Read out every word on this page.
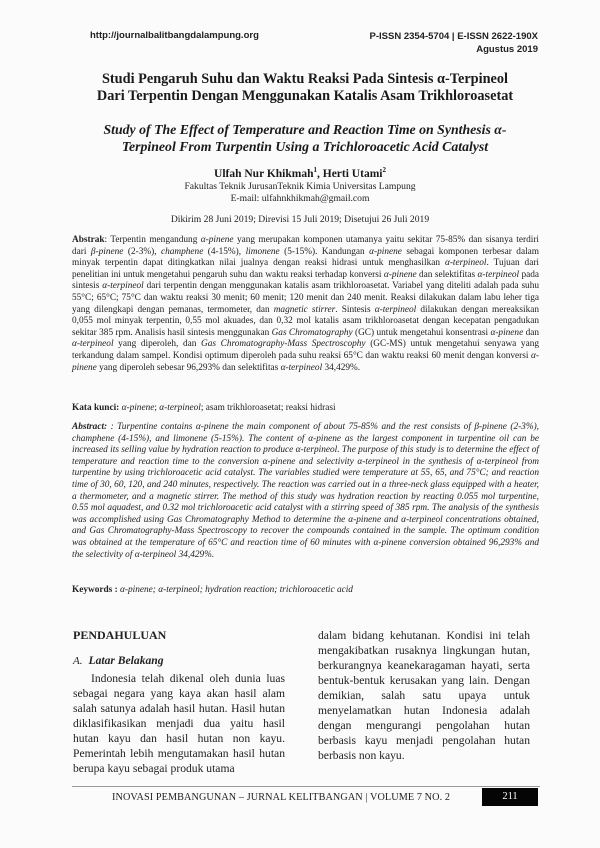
http://journalbalitbangdalampung.org	P-ISSN 2354-5704 | E-ISSN 2622-190X
Agustus 2019
Studi Pengaruh Suhu dan Waktu Reaksi Pada Sintesis α-Terpineol
Dari Terpentin Dengan Menggunakan Katalis Asam Trikhloroasetat
Study of The Effect of Temperature and Reaction Time on Synthesis α-
Terpineol From Turpentin Using a Trichloroacetic Acid Catalyst
Ulfah Nur Khikmah$^1$, Herti Utami$^2$
Fakultas Teknik JurusanTeknik Kimia Universitas Lampung
E-mail: ulfahnkhikmah@gmail.com
Dikirim 28 Juni 2019; Direvisi 15 Juli 2019; Disetujui 26 Juli 2019
Abstrak: Terpentin mengandung α-pinene yang merupakan komponen utamanya yaitu sekitar 75-85% dan sisanya terdiri dari β-pinene (2-3%), champhene (4-15%), limonene (5-15%). Kandungan α-pinene sebagai komponen terbesar dalam minyak terpentin dapat ditingkatkan nilai jualnya dengan reaksi hidrasi untuk menghasilkan α-terpineol. Tujuan dari penelitian ini untuk mengetahui pengaruh suhu dan waktu reaksi terhadap konversi α-pinene dan selektifitas α-terpineol pada sintesis α-terpineol dari terpentin dengan menggunakan katalis asam trikhloroasetat. Variabel yang diteliti adalah pada suhu 55°C; 65°C; 75°C dan waktu reaksi 30 menit; 60 menit; 120 menit dan 240 menit. Reaksi dilakukan dalam labu leher tiga yang dilengkapi dengan pemanas, termometer, dan magnetic stirrer. Sintesis α-terpineol dilakukan dengan mereaksikan 0,055 mol minyak terpentin, 0,55 mol akuades, dan 0,32 mol katalis asam trikhloroasetat dengan kecepatan pengadukan sekitar 385 rpm. Analisis hasil sintesis menggunakan Gas Chromatography (GC) untuk mengetahui konsentrasi α-pinene dan α-terpineol yang diperoleh, dan Gas Chromatography-Mass Spectroscophy (GC-MS) untuk mengetahui senyawa yang terkandung dalam sampel. Kondisi optimum diperoleh pada suhu reaksi 65°C dan waktu reaksi 60 menit dengan konversi α-pinene yang diperoleh sebesar 96,293% dan selektifitas α-terpineol 34,429%.
Kata kunci: α-pinene; α-terpineol; asam trikhloroasetat; reaksi hidrasi
Abstract: : Turpentine contains α-pinene the main component of about 75-85% and the rest consists of β-pinene (2-3%), champhene (4-15%), and limonene (5-15%). The content of α-pinene as the largest component in turpentine oil can be increased its selling value by hydration reaction to produce α-terpineol. The purpose of this study is to determine the effect of temperature and reaction time to the conversion α-pinene and selectivity α-terpineol in the synthesis of α-terpineol from turpentine by using trichloroacetic acid catalyst. The variables studied were temperature at 55, 65, and 75°C; and reaction time of 30, 60, 120, and 240 minutes, respectively. The reaction was carried out in a three-neck glass equipped with a heater, a thermometer, and a magnetic stirrer. The method of this study was hydration reaction by reacting 0.055 mol turpentine, 0.55 mol aquadest, and 0.32 mol trichloroacetic acid catalyst with a stirring speed of 385 rpm. The analysis of the synthesis was accomplished using Gas Chromatography Method to determine the α-pinene and α-terpineol concentrations obtained, and Gas Chromatography-Mass Spectroscopy to recover the compounds contained in the sample. The optimum condition was obtained at the temperature of 65°C and reaction time of 60 minutes with α-pinene conversion obtained 96,293% and the selectivity of α-terpineol 34,429%.
Keywords : α-pinene; α-terpineol; hydration reaction; trichloroacetic acid
PENDAHULUAN
A. Latar Belakang
Indonesia telah dikenal oleh dunia luas sebagai negara yang kaya akan hasil alam salah satunya adalah hasil hutan. Hasil hutan diklasifikasikan menjadi dua yaitu hasil hutan kayu dan hasil hutan non kayu. Pemerintah lebih mengutamakan hasil hutan berupa kayu sebagai produk utama
dalam bidang kehutanan. Kondisi ini telah mengakibatkan rusaknya lingkungan hutan, berkurangnya keanekaragaman hayati, serta bentuk-bentuk kerusakan yang lain. Dengan demikian, salah satu upaya untuk menyelamatkan hutan Indonesia adalah dengan mengurangi pengolahan hutan berbasis kayu menjadi pengolahan hutan berbasis non kayu.
INOVASI PEMBANGUNAN – JURNAL KELITBANGAN | VOLUME 7 NO. 2	211
